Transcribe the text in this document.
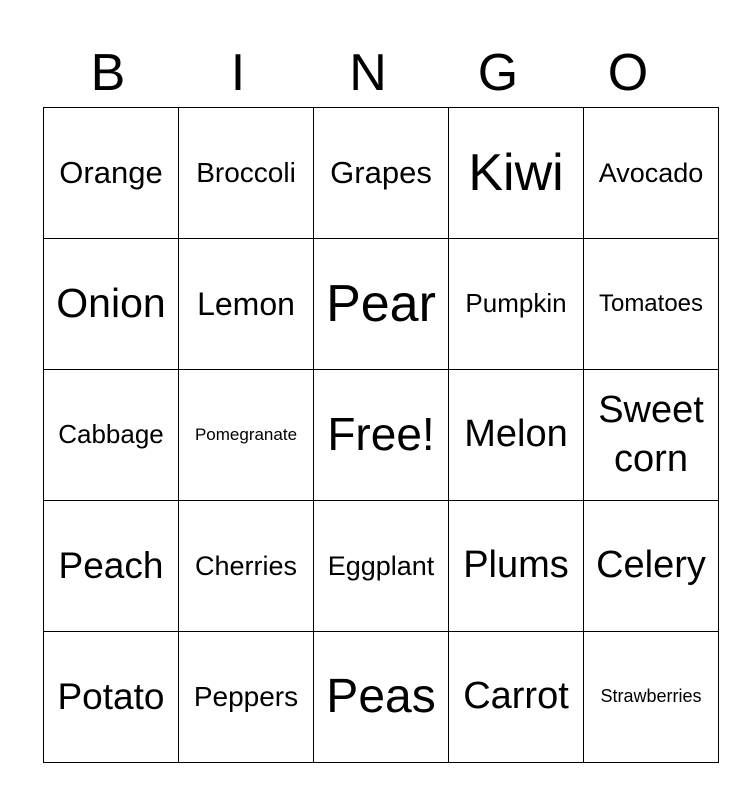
B	I	N	G	O
Orange	Broccoli	Grapes	Kiwi	Avocado
Onion	Lemon	Pear	Pumpkin	Tomatoes
Cabbage	Pomegranate	Free!	Melon	Sweet corn
Peach	Cherries	Eggplant	Plums	Celery
Potato	Peppers	Peas	Carrot	Strawberries
